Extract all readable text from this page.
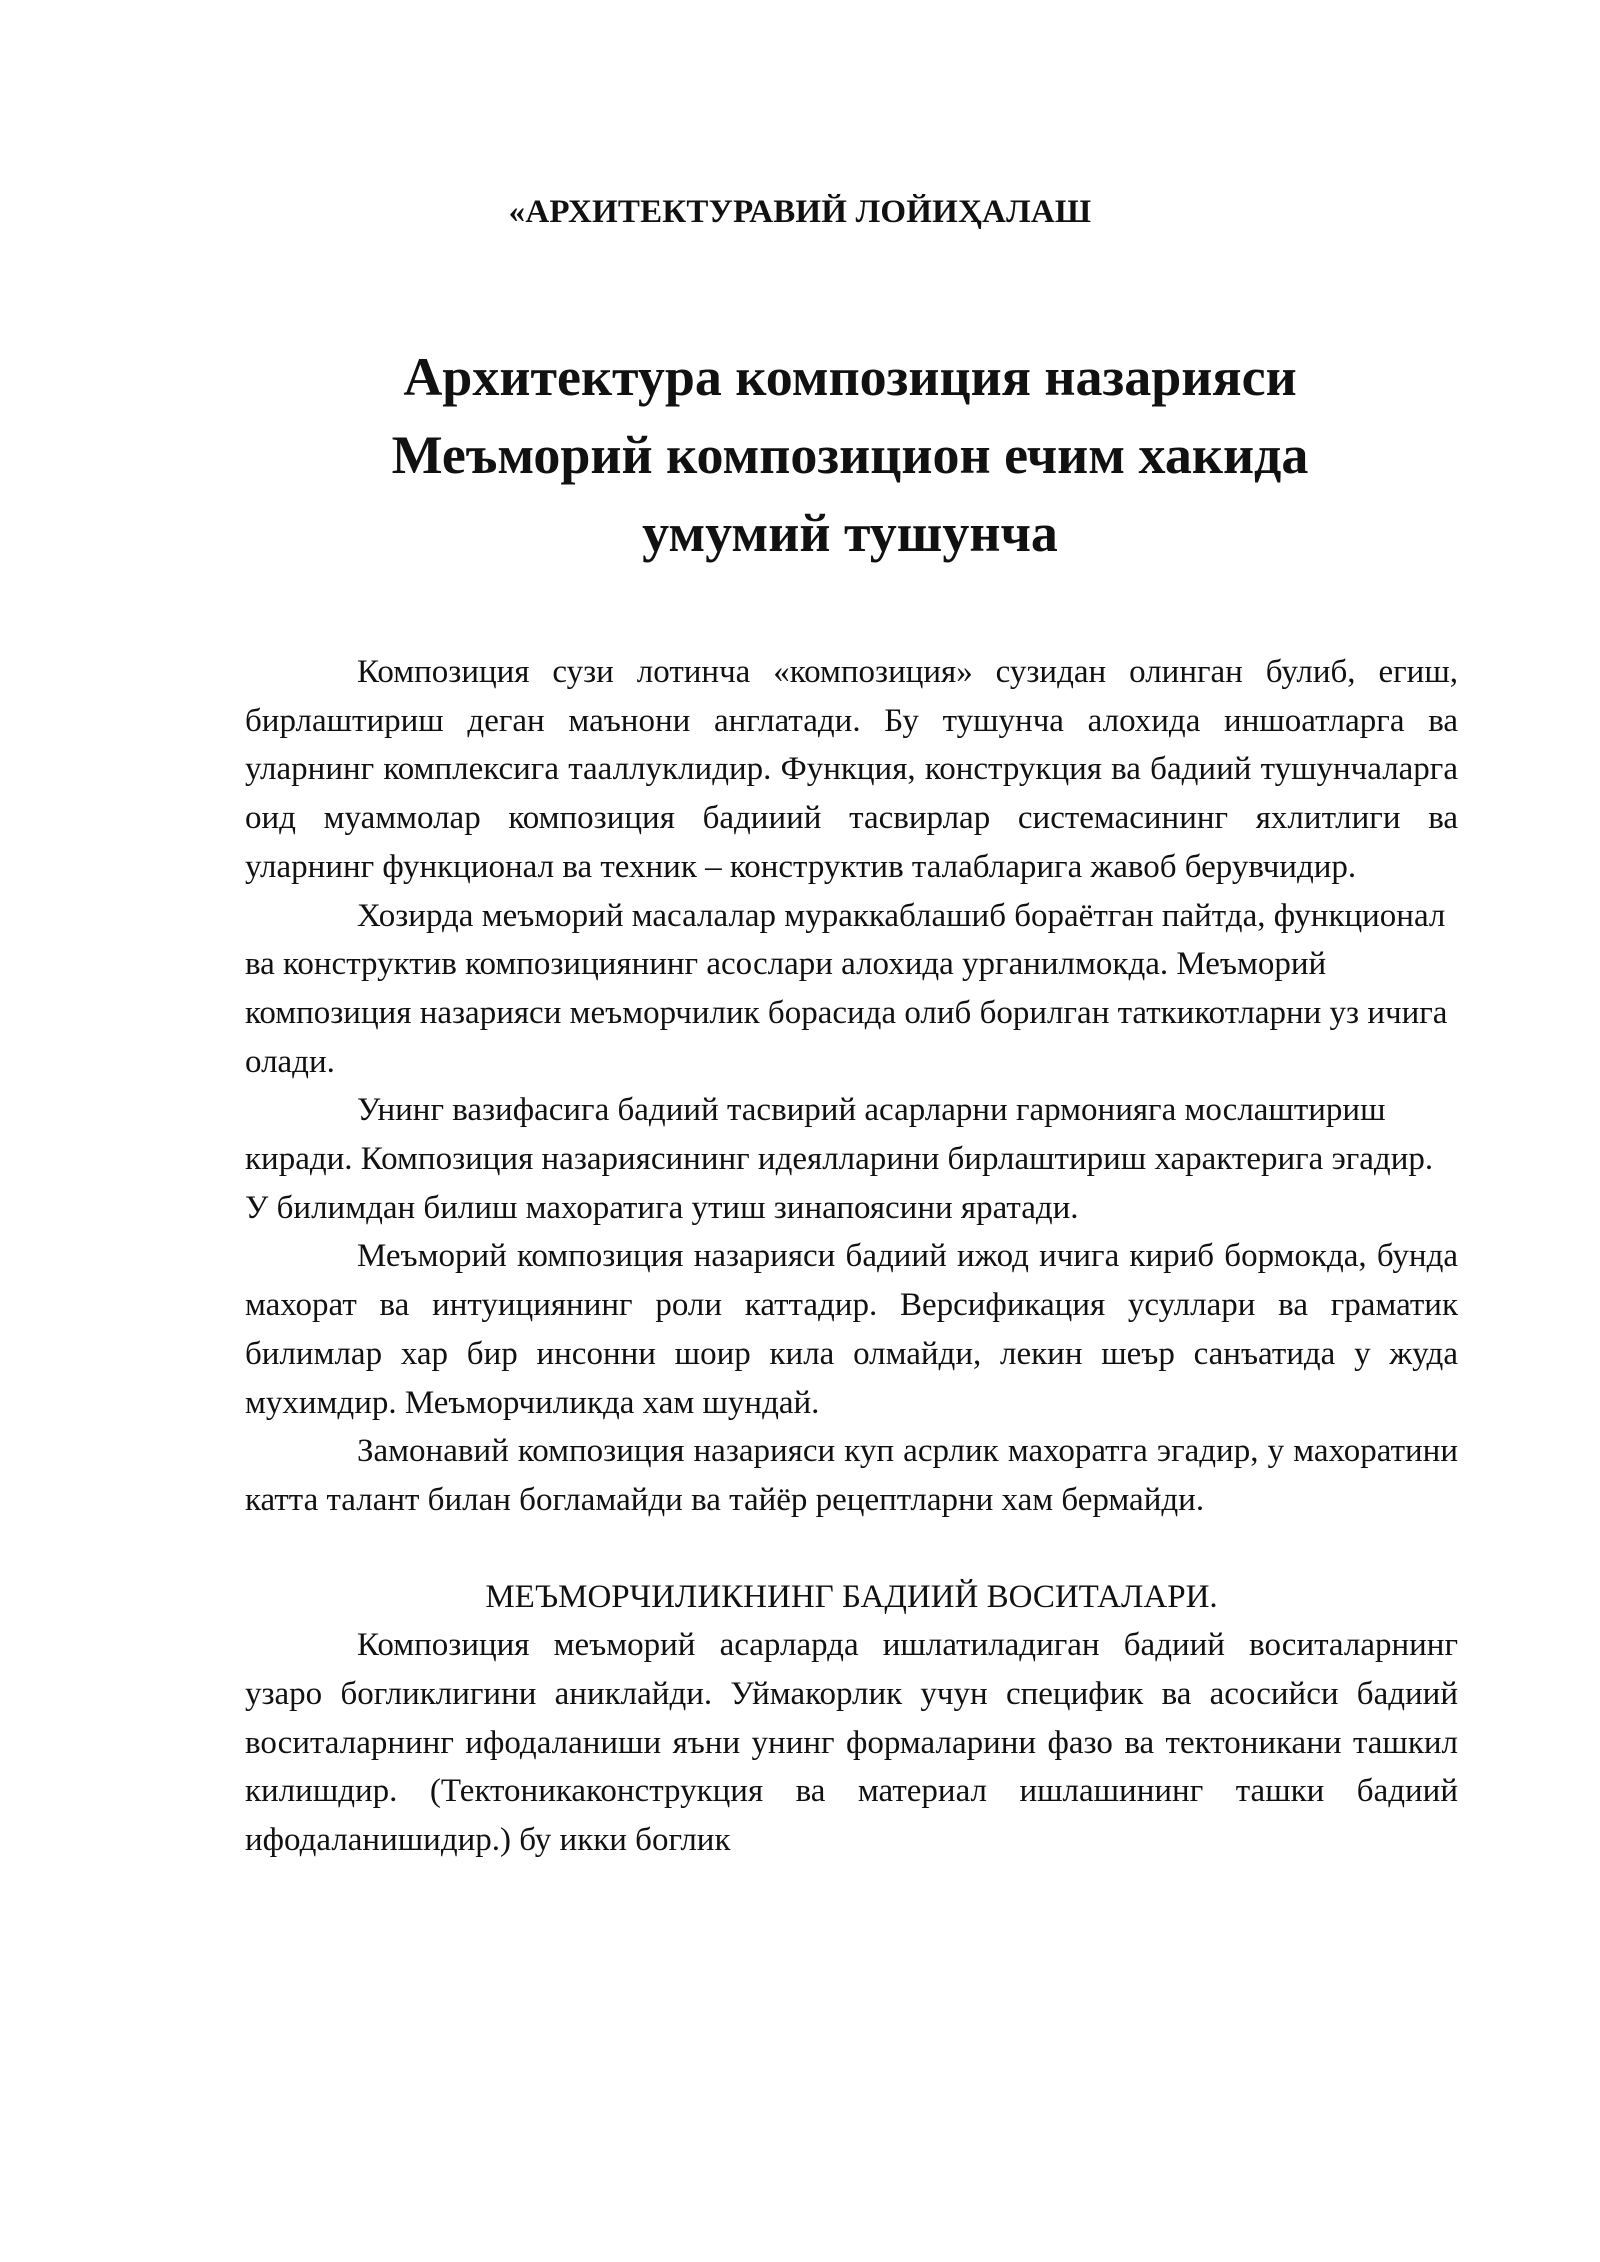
«АРХИТЕКТУРАВИЙ ЛОЙИҲАЛАШ
Архитектура композиция назарияси
Меъморий композицион ечим хакида
умумий тушунча

Композиция сузи лотинча «композиция» сузидан олинган булиб, егиш, бирлаштириш деган маънони англатади. Бу тушунча алохида иншоатларга ва уларнинг комплексига тааллуклидир. Функция, конструкция ва бадиий тушунчаларга оид муаммолар композиция бадииий тасвирлар системасининг яхлитлиги ва уларнинг функционал ва техник – конструктив талабларига жавоб берувчидир.

Хозирда меъморий масалалар мураккаблашиб бораётган пайтда, функционал ва конструктив композициянинг асослари алохида урганилмокда. Меъморий композиция назарияси меъморчилик борасида олиб борилган таткикотларни уз ичига олади.

Унинг вазифасига бадиий тасвирий асарларни гармонияга мослаштириш киради. Композиция назариясининг идеялларини бирлаштириш характерига эгадир. У билимдан билиш махоратига утиш зинапоясини яратади.

Меъморий композиция назарияси бадиий ижод ичига кириб бормокда, бунда махорат ва интуициянинг роли каттадир. Версификация усуллари ва граматик билимлар хар бир инсонни шоир кила олмайди, лекин шеър санъатида у жуда мухимдир. Меъморчиликда хам шундай.

Замонавий композиция назарияси куп асрлик махоратга эгадир, у махоратини катта талант билан богламайди ва тайёр рецептларни хам бермайди.

МЕЪМОРЧИЛИКНИНГ БАДИИЙ ВОСИТАЛАРИ.

Композиция меъморий асарларда ишлатиладиган бадиий воситаларнинг узаро богликлигини аниклайди. Уймакорлик учун специфик ва асосийси бадиий воситаларнинг ифодаланиши яъни унинг формаларини фазо ва тектоникани ташкил килишдир. (Тектоникаконструкция ва материал ишлашининг ташки бадиий ифодаланишидир.) бу икки боглик
